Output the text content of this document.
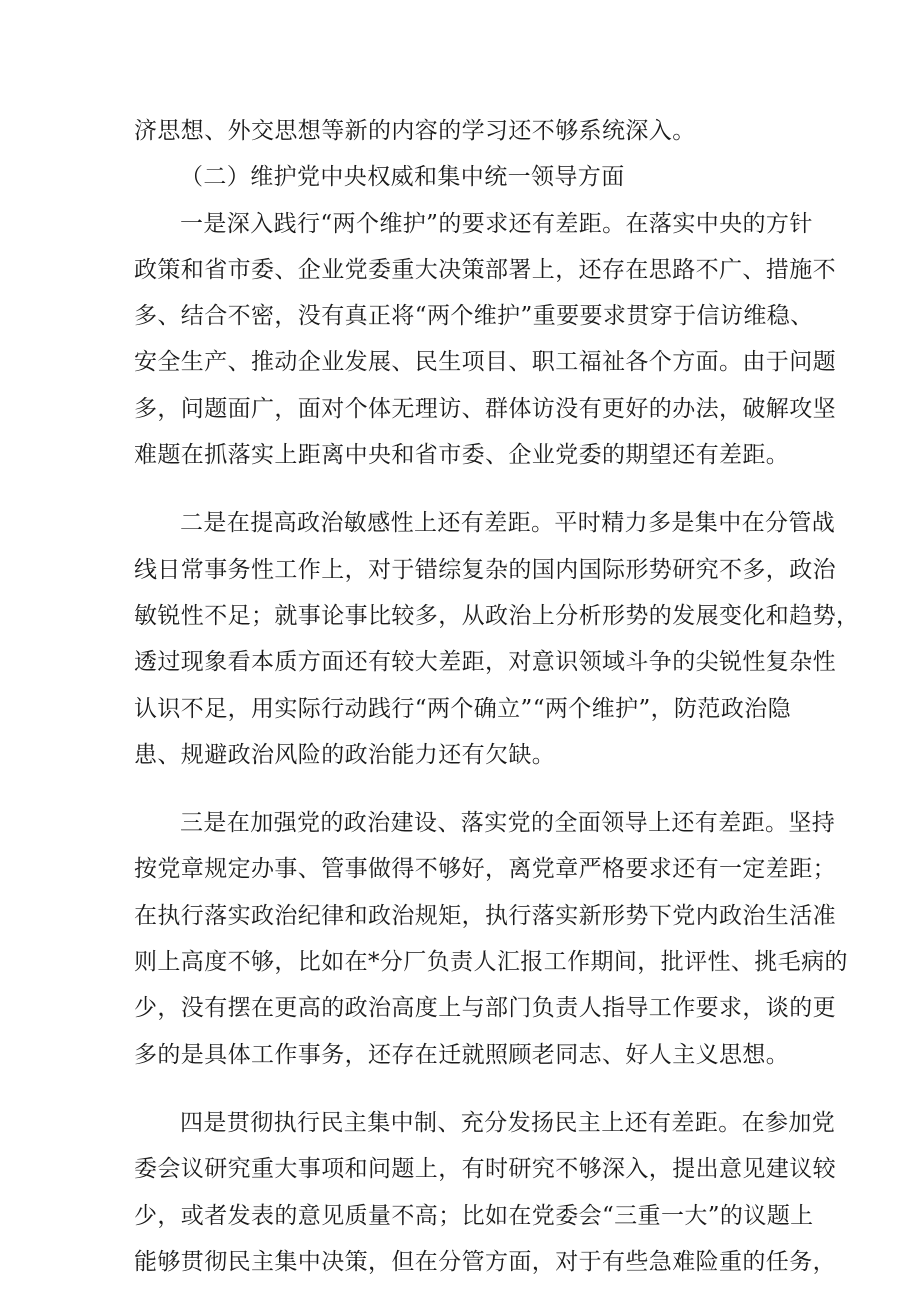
济思想、外交思想等新的内容的学习还不够系统深入。
（二）维护党中央权威和集中统一领导方面
一是深入践行“两个维护”的要求还有差距。在落实中央的方针
政策和省市委、企业党委重大决策部署上，还存在思路不广、措施不
多、结合不密，没有真正将“两个维护”重要要求贯穿于信访维稳、
安全生产、推动企业发展、民生项目、职工福祉各个方面。由于问题
多，问题面广，面对个体无理访、群体访没有更好的办法，破解攻坚
难题在抓落实上距离中央和省市委、企业党委的期望还有差距。
二是在提高政治敏感性上还有差距。平时精力多是集中在分管战
线日常事务性工作上，对于错综复杂的国内国际形势研究不多，政治
敏锐性不足；就事论事比较多，从政治上分析形势的发展变化和趋势，
透过现象看本质方面还有较大差距，对意识领域斗争的尖锐性复杂性
认识不足，用实际行动践行“两个确立”“两个维护”，防范政治隐
患、规避政治风险的政治能力还有欠缺。
三是在加强党的政治建设、落实党的全面领导上还有差距。坚持
按党章规定办事、管事做得不够好，离党章严格要求还有一定差距；
在执行落实政治纪律和政治规矩，执行落实新形势下党内政治生活准
则上高度不够，比如在*分厂负责人汇报工作期间，批评性、挑毛病的
少，没有摆在更高的政治高度上与部门负责人指导工作要求，谈的更
多的是具体工作事务，还存在迁就照顾老同志、好人主义思想。
四是贯彻执行民主集中制、充分发扬民主上还有差距。在参加党
委会议研究重大事项和问题上，有时研究不够深入，提出意见建议较
少，或者发表的意见质量不高；比如在党委会“三重一大”的议题上
能够贯彻民主集中决策，但在分管方面，对于有些急难险重的任务，
